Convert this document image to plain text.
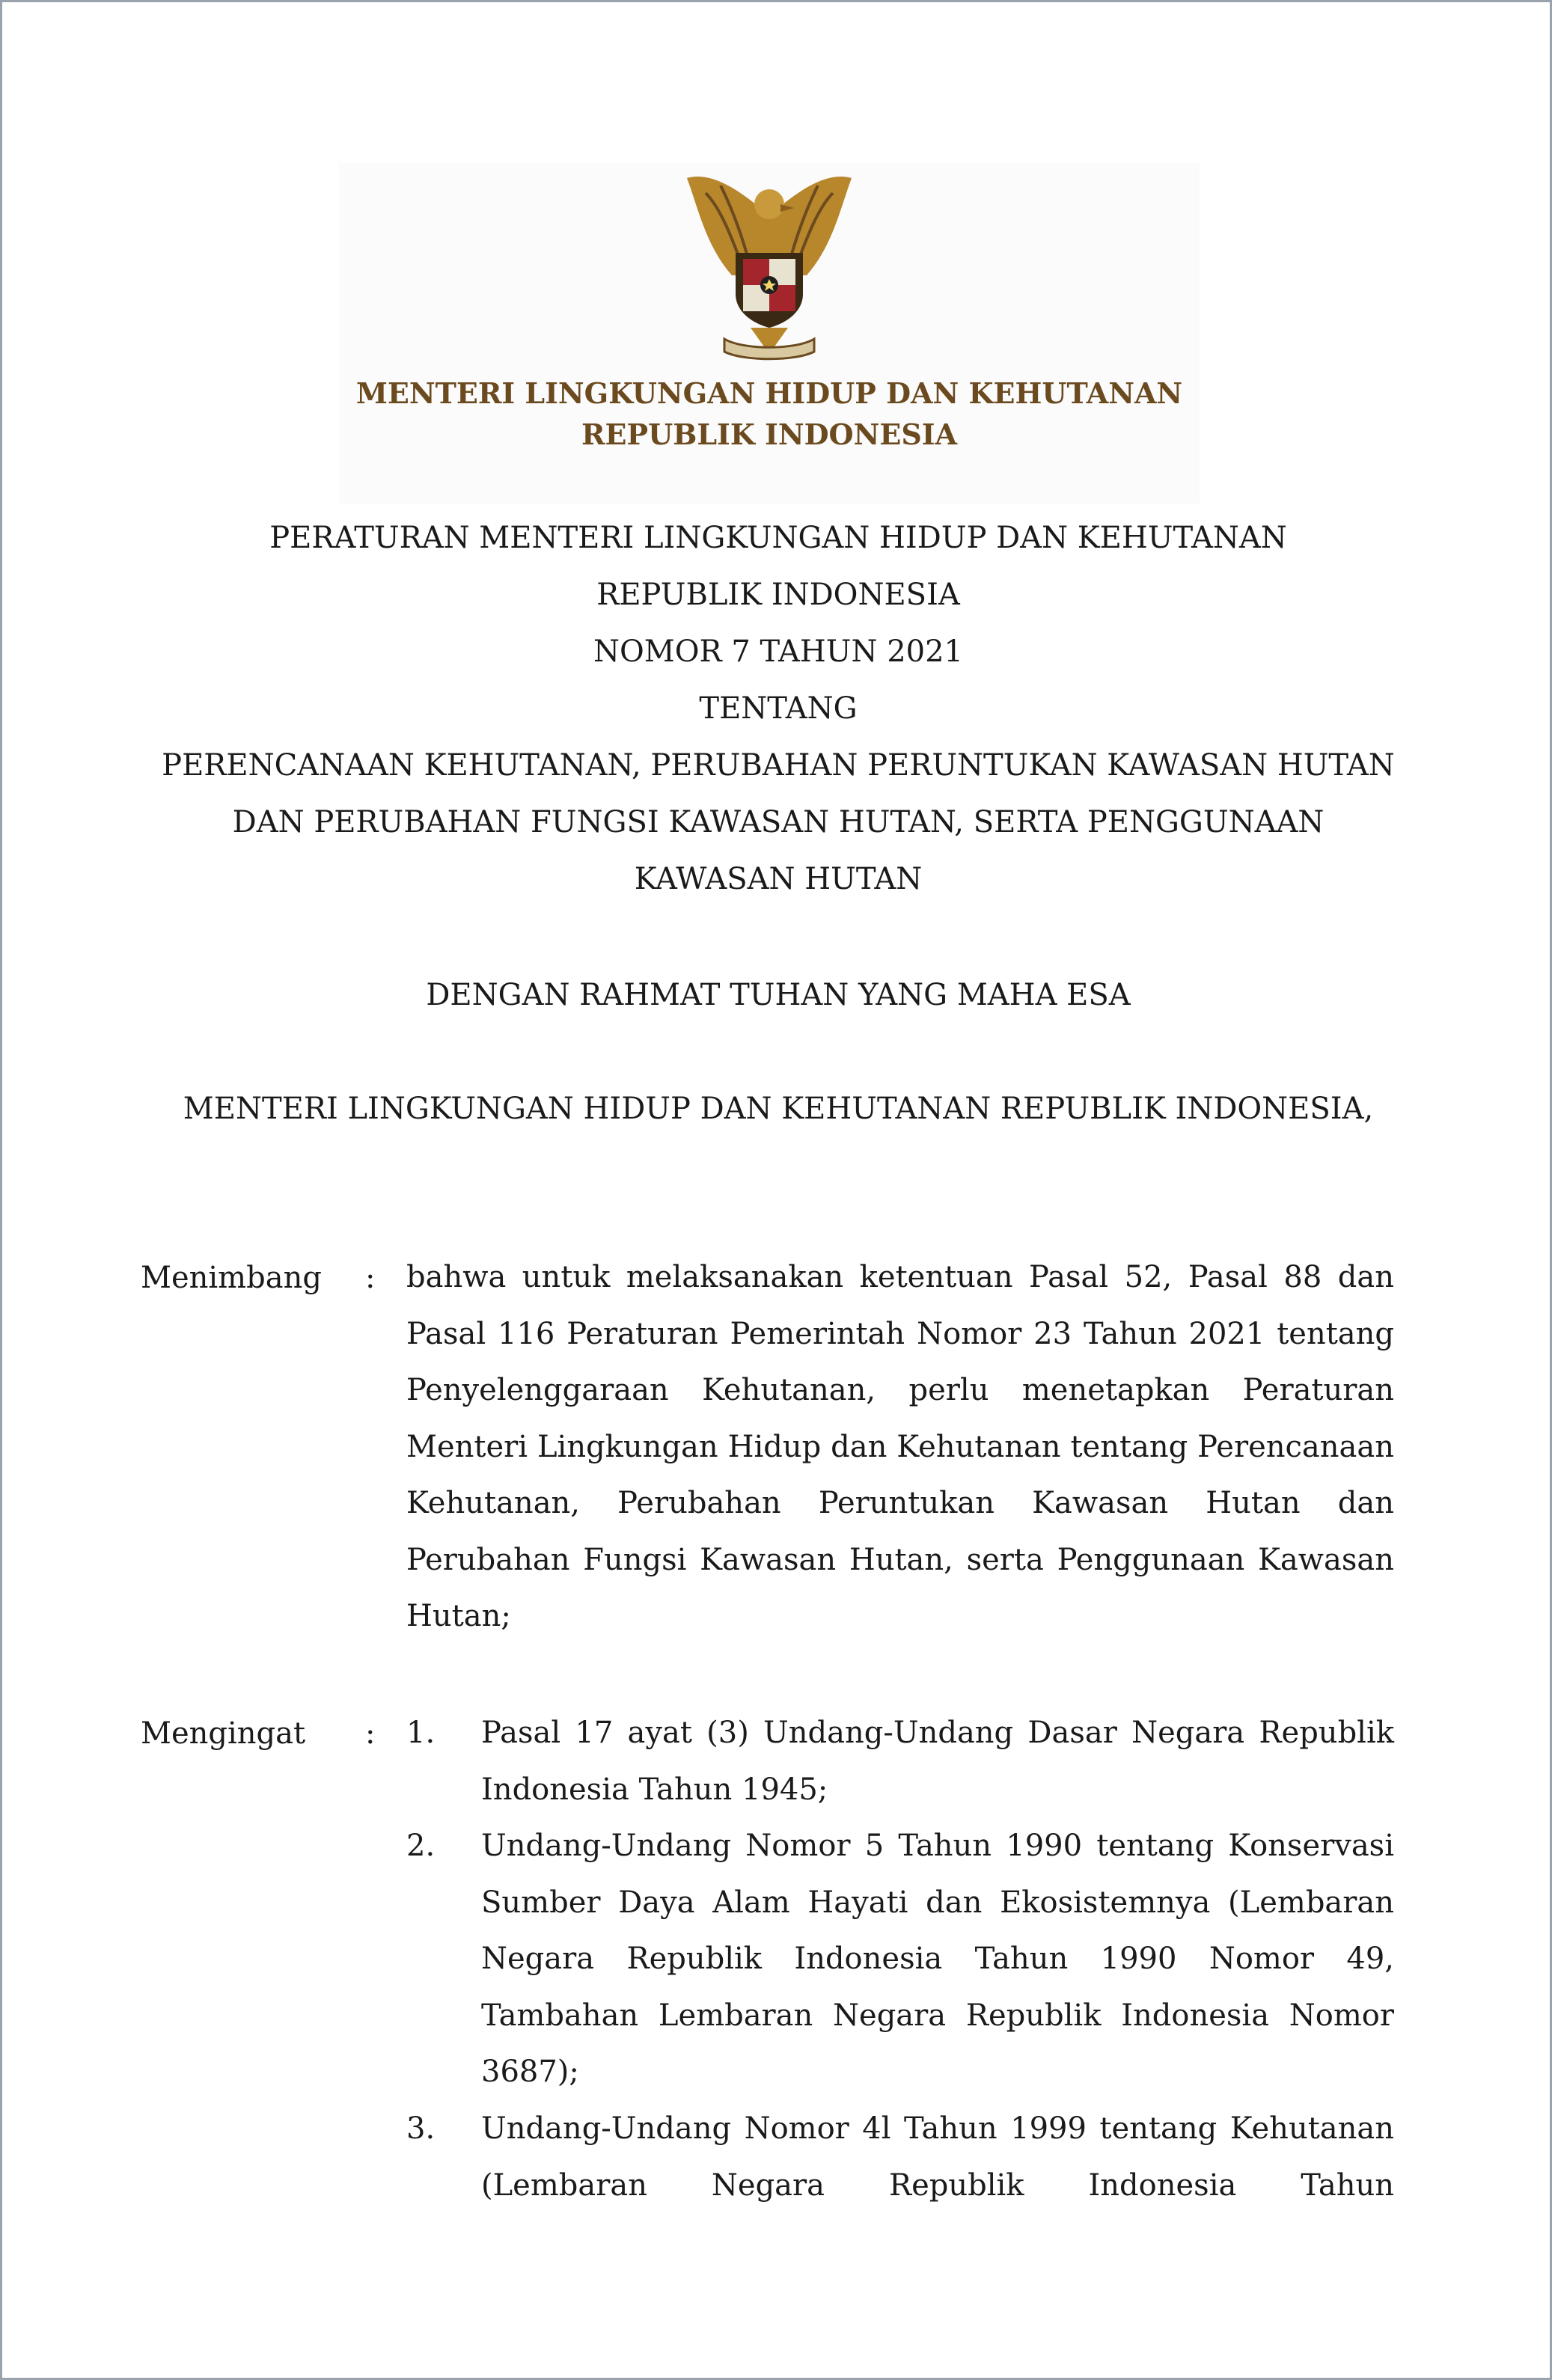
MENTERI LINGKUNGAN HIDUP DAN KEHUTANAN
REPUBLIK INDONESIA
PERATURAN MENTERI LINGKUNGAN HIDUP DAN KEHUTANAN
REPUBLIK INDONESIA
NOMOR 7 TAHUN 2021
TENTANG
PERENCANAAN KEHUTANAN, PERUBAHAN PERUNTUKAN KAWASAN HUTAN
DAN PERUBAHAN FUNGSI KAWASAN HUTAN, SERTA PENGGUNAAN
KAWASAN HUTAN
DENGAN RAHMAT TUHAN YANG MAHA ESA
MENTERI LINGKUNGAN HIDUP DAN KEHUTANAN REPUBLIK INDONESIA,
Menimbang : bahwa untuk melaksanakan ketentuan Pasal 52, Pasal 88 dan Pasal 116 Peraturan Pemerintah Nomor 23 Tahun 2021 tentang Penyelenggaraan Kehutanan, perlu menetapkan Peraturan Menteri Lingkungan Hidup dan Kehutanan tentang Perencanaan Kehutanan, Perubahan Peruntukan Kawasan Hutan dan Perubahan Fungsi Kawasan Hutan, serta Penggunaan Kawasan Hutan;
Mengingat : 1. Pasal 17 ayat (3) Undang-Undang Dasar Negara Republik Indonesia Tahun 1945;
2. Undang-Undang Nomor 5 Tahun 1990 tentang Konservasi Sumber Daya Alam Hayati dan Ekosistemnya (Lembaran Negara Republik Indonesia Tahun 1990 Nomor 49, Tambahan Lembaran Negara Republik Indonesia Nomor 3687);
3. Undang-Undang Nomor 4l Tahun 1999 tentang Kehutanan (Lembaran Negara Republik Indonesia Tahun
